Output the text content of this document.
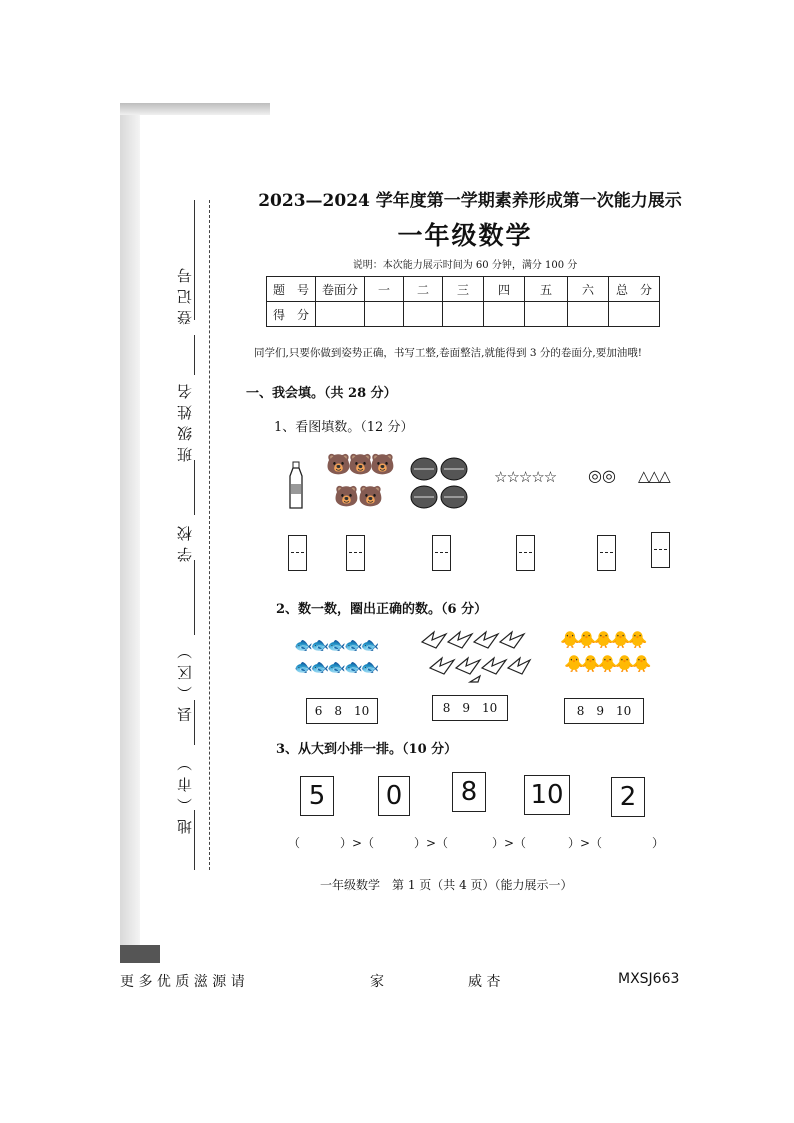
登记号
姓名
班级
学校
县（区）
地（市）
2023—2024 学年度第一学期素养形成第一次能力展示
一年级数学
说明：本次能力展示时间为 60 分钟，满分 100 分
题　号	卷面分	一	二	三	四	五	六	总　分
得　分								
同学们,只要你做到姿势正确，书写工整,卷面整洁,就能得到 3 分的卷面分,要加油哦!
一、我会填。（共 28 分）
1、看图填数。（12 分）
🐻
🐻
🐻
🐻 🐻
☆☆☆☆☆ ◎◎ △△△
2、数一数，圈出正确的数。（6 分）
🐟🐟🐟🐟🐟
🐟🐟🐟🐟🐟
🐥🐥🐥🐥🐥
🐥🐥🐥🐥🐥
6 8 10	8 9 10	8 9 10
3、从大到小排一排。（10 分）
5	0	8	10	2
（	）>（	）>（	）>（	）>（	）
一年级数学　第 1 页（共 4 页）（能力展示一）
更 多 优 质 滋 源 请	家	威 杏	MXSJ663
